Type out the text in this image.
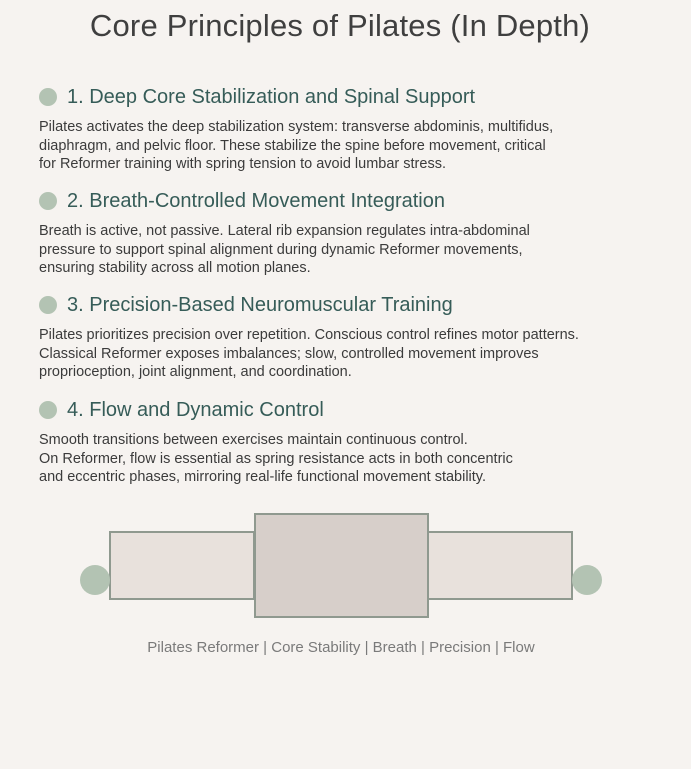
Core Principles of Pilates (In Depth)
1. Deep Core Stabilization and Spinal Support

Pilates activates the deep stabilization system: transverse abdominis, multifidus,
diaphragm, and pelvic floor. These stabilize the spine before movement, critical
for Reformer training with spring tension to avoid lumbar stress.

2. Breath-Controlled Movement Integration

Breath is active, not passive. Lateral rib expansion regulates intra-abdominal
pressure to support spinal alignment during dynamic Reformer movements,
ensuring stability across all motion planes.

3. Precision-Based Neuromuscular Training

Pilates prioritizes precision over repetition. Conscious control refines motor patterns.
Classical Reformer exposes imbalances; slow, controlled movement improves
proprioception, joint alignment, and coordination.

4. Flow and Dynamic Control

Smooth transitions between exercises maintain continuous control.
On Reformer, flow is essential as spring resistance acts in both concentric
and eccentric phases, mirroring real-life functional movement stability.

Pilates Reformer | Core Stability | Breath | Precision | Flow
